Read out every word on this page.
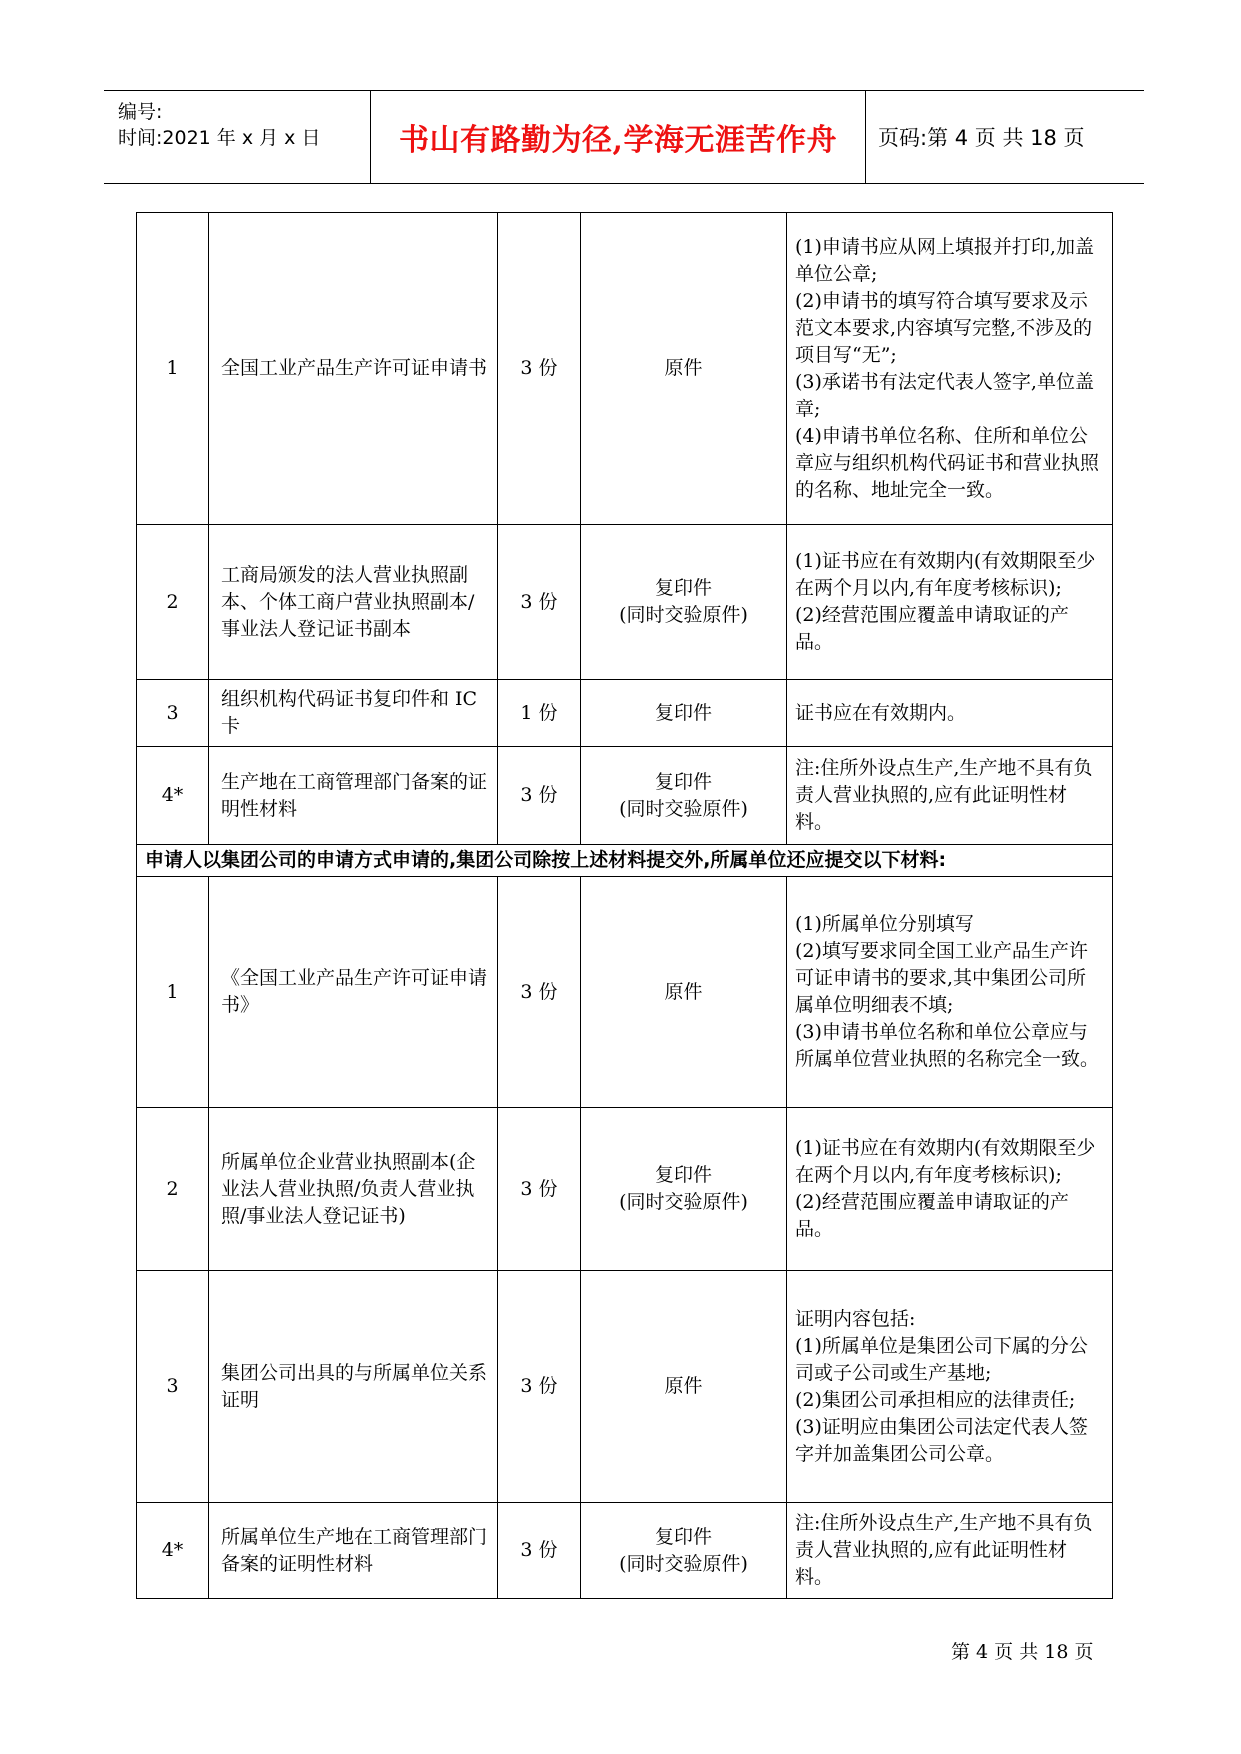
编号:
时间:2021 年 x 月 x 日	书山有路勤为径,学海无涯苦作舟 页码:第 4 页 共 18 页
1	全国工业产品生产许可证申请书	3 份	原件	(1)申请书应从网上填报并打印,加盖单位公章;
(2)申请书的填写符合填写要求及示范文本要求,内容填写完整,不涉及的项目写“无”;
(3)承诺书有法定代表人签字,单位盖章;
(4)申请书单位名称、住所和单位公章应与组织机构代码证书和营业执照的名称、地址完全一致。

2	工商局颁发的法人营业执照副本、个体工商户营业执照副本/事业法人登记证书副本	3 份	复印件
(同时交验原件)	(1)证书应在有效期内(有效期限至少在两个月以内,有年度考核标识);
(2)经营范围应覆盖申请取证的产品。

3	组织机构代码证书复印件和 IC 卡	1 份	复印件	证书应在有效期内。

4*	生产地在工商管理部门备案的证明性材料	3 份	复印件
(同时交验原件)	注:住所外设点生产,生产地不具有负责人营业执照的,应有此证明性材料。

申请人以集团公司的申请方式申请的,集团公司除按上述材料提交外,所属单位还应提交以下材料:				
1	《全国工业产品生产许可证申请书》	3 份	原件	(1)所属单位分别填写
(2)填写要求同全国工业产品生产许可证申请书的要求,其中集团公司所属单位明细表不填;
(3)申请书单位名称和单位公章应与所属单位营业执照的名称完全一致。

2	所属单位企业营业执照副本(企业法人营业执照/负责人营业执照/事业法人登记证书)	3 份	复印件
(同时交验原件)	(1)证书应在有效期内(有效期限至少在两个月以内,有年度考核标识);
(2)经营范围应覆盖申请取证的产品。

3	集团公司出具的与所属单位关系证明	3 份	原件	证明内容包括:
(1)所属单位是集团公司下属的分公司或子公司或生产基地;
(2)集团公司承担相应的法律责任;
(3)证明应由集团公司法定代表人签字并加盖集团公司公章。

4*	所属单位生产地在工商管理部门备案的证明性材料	3 份	复印件
(同时交验原件)	注:住所外设点生产,生产地不具有负责人营业执照的,应有此证明性材料。
第 4 页 共 18 页
